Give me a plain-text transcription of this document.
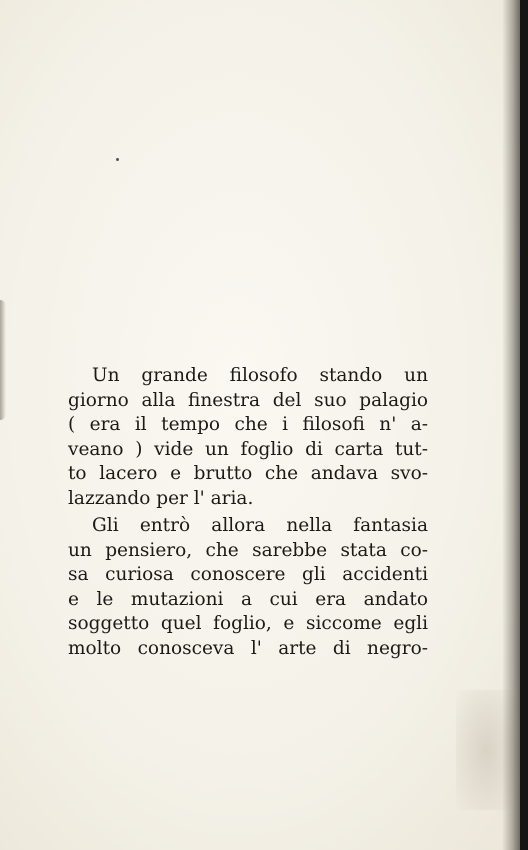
Un grande filosofo stando un
giorno alla finestra del suo palagio
( era il tempo che i filosofi n' a-
veano ) vide un foglio di carta tut-
to lacero e brutto che andava svo-
lazzando per l' aria.
Gli entrò allora nella fantasia
un pensiero, che sarebbe stata co-
sa curiosa conoscere gli accidenti
e le mutazioni a cui era andato
soggetto quel foglio, e siccome egli
molto conosceva l' arte di negro-
